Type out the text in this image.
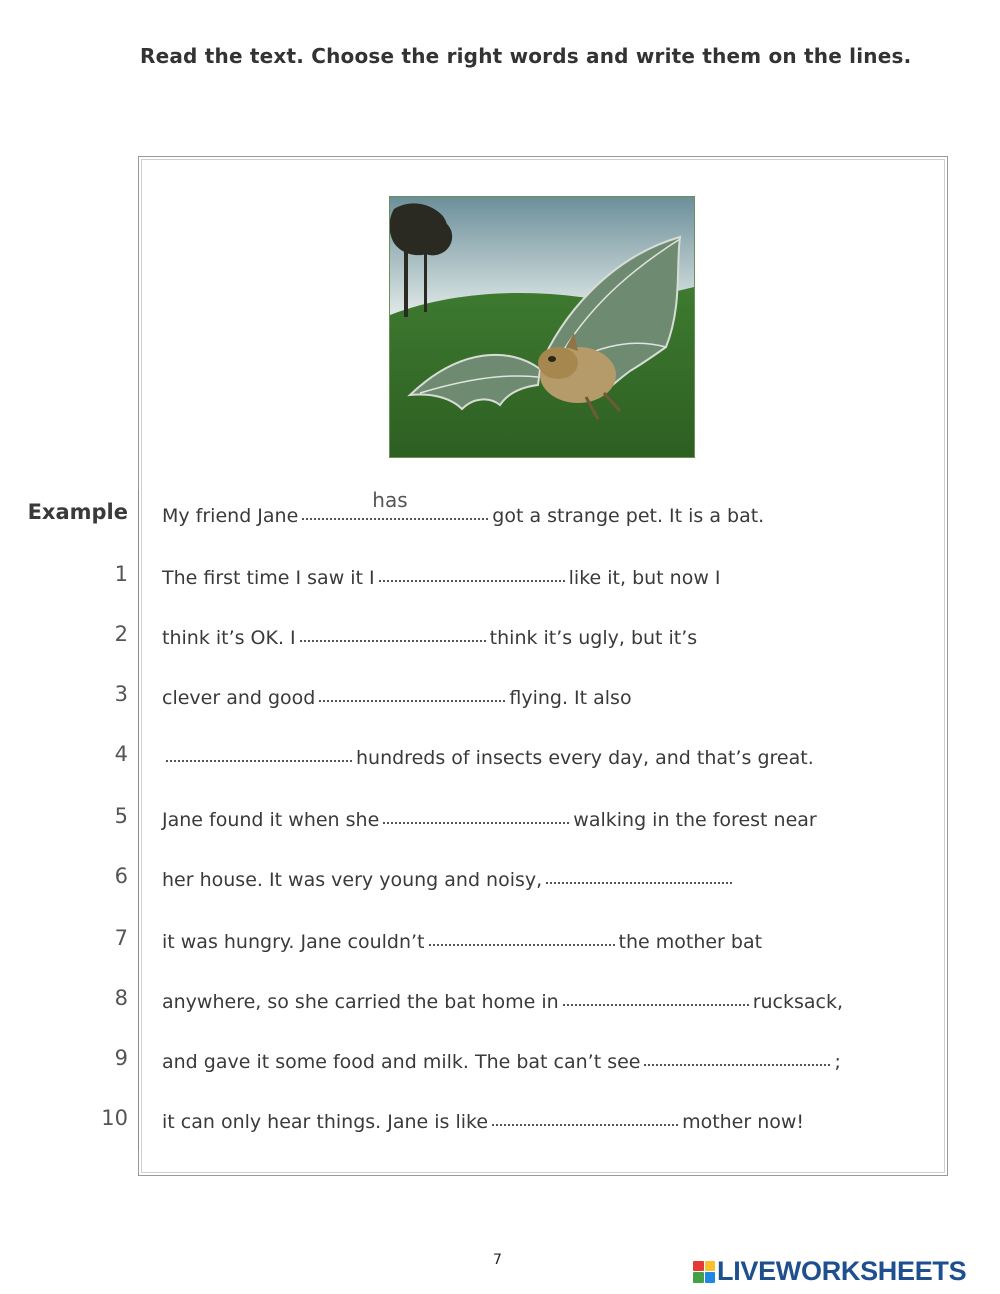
Read the text. Choose the right words and write them on the lines.
Example My friend Jane
has
got a strange pet. It is a bat.
1 The first time I saw it I	like it, but now I
2 think it’s OK. I	think it’s ugly, but it’s
3 clever and good	flying. It also
4	hundreds of insects every day, and that’s great.
5 Jane found it when she	walking in the forest near
6 her house. It was very young and noisy,
7 it was hungry. Jane couldn’t	the mother bat
8 anywhere, so she carried the bat home in	rucksack,
9 and gave it some food and milk. The bat can’t see	;
10 it can only hear things. Jane is like	mother now!
7	LIVEWORKSHEETS
